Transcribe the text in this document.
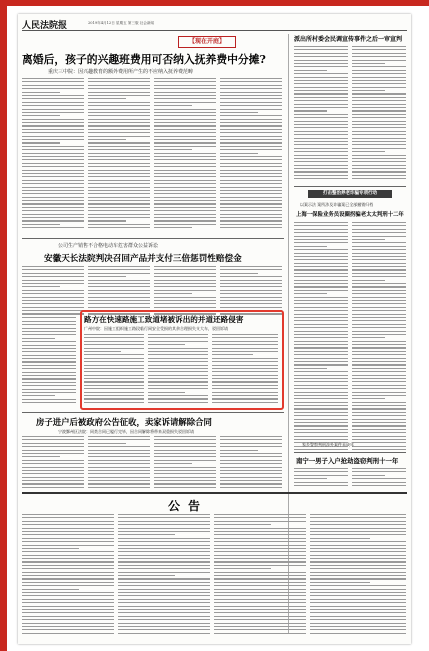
人民法院报	2019年4月12日 星期五 第三版 社会新闻
【现在开庭】
离婚后，孩子的兴趣班费用可否纳入抚养费中分摊?
重庆三中院：因兴趣教育的额外费用所产生的不应纳入抚养费范畴
派出所村委会民调宣传事件之后一审宣判
打击整治养老诈骗专项行动
以案示法 案所涉及诈骗案已全部撤销归档
上海一保险业务员设圈拐骗老太太判刑十二年
公司生产销售不合格电动车危害群众公益诉讼
安徽天长法院判决召回产品并支付三倍惩罚性赔偿金
路方在快速路施工致道堵被诉出的并道还路侵害
广州中院：因施工组织施工路段临行网安全受损的其余合理损失支大车，驳回诉请
房子进户后被政府公告征收，卖家诉请解除合同
宁波鄞州区法院：同类合同已履行完毕，因合同解除将带来双重损失驳回诉请
家乡警察判刑涉外案件未成年
南宁一男子入户抢劫盗窃判刑十一年
公告
